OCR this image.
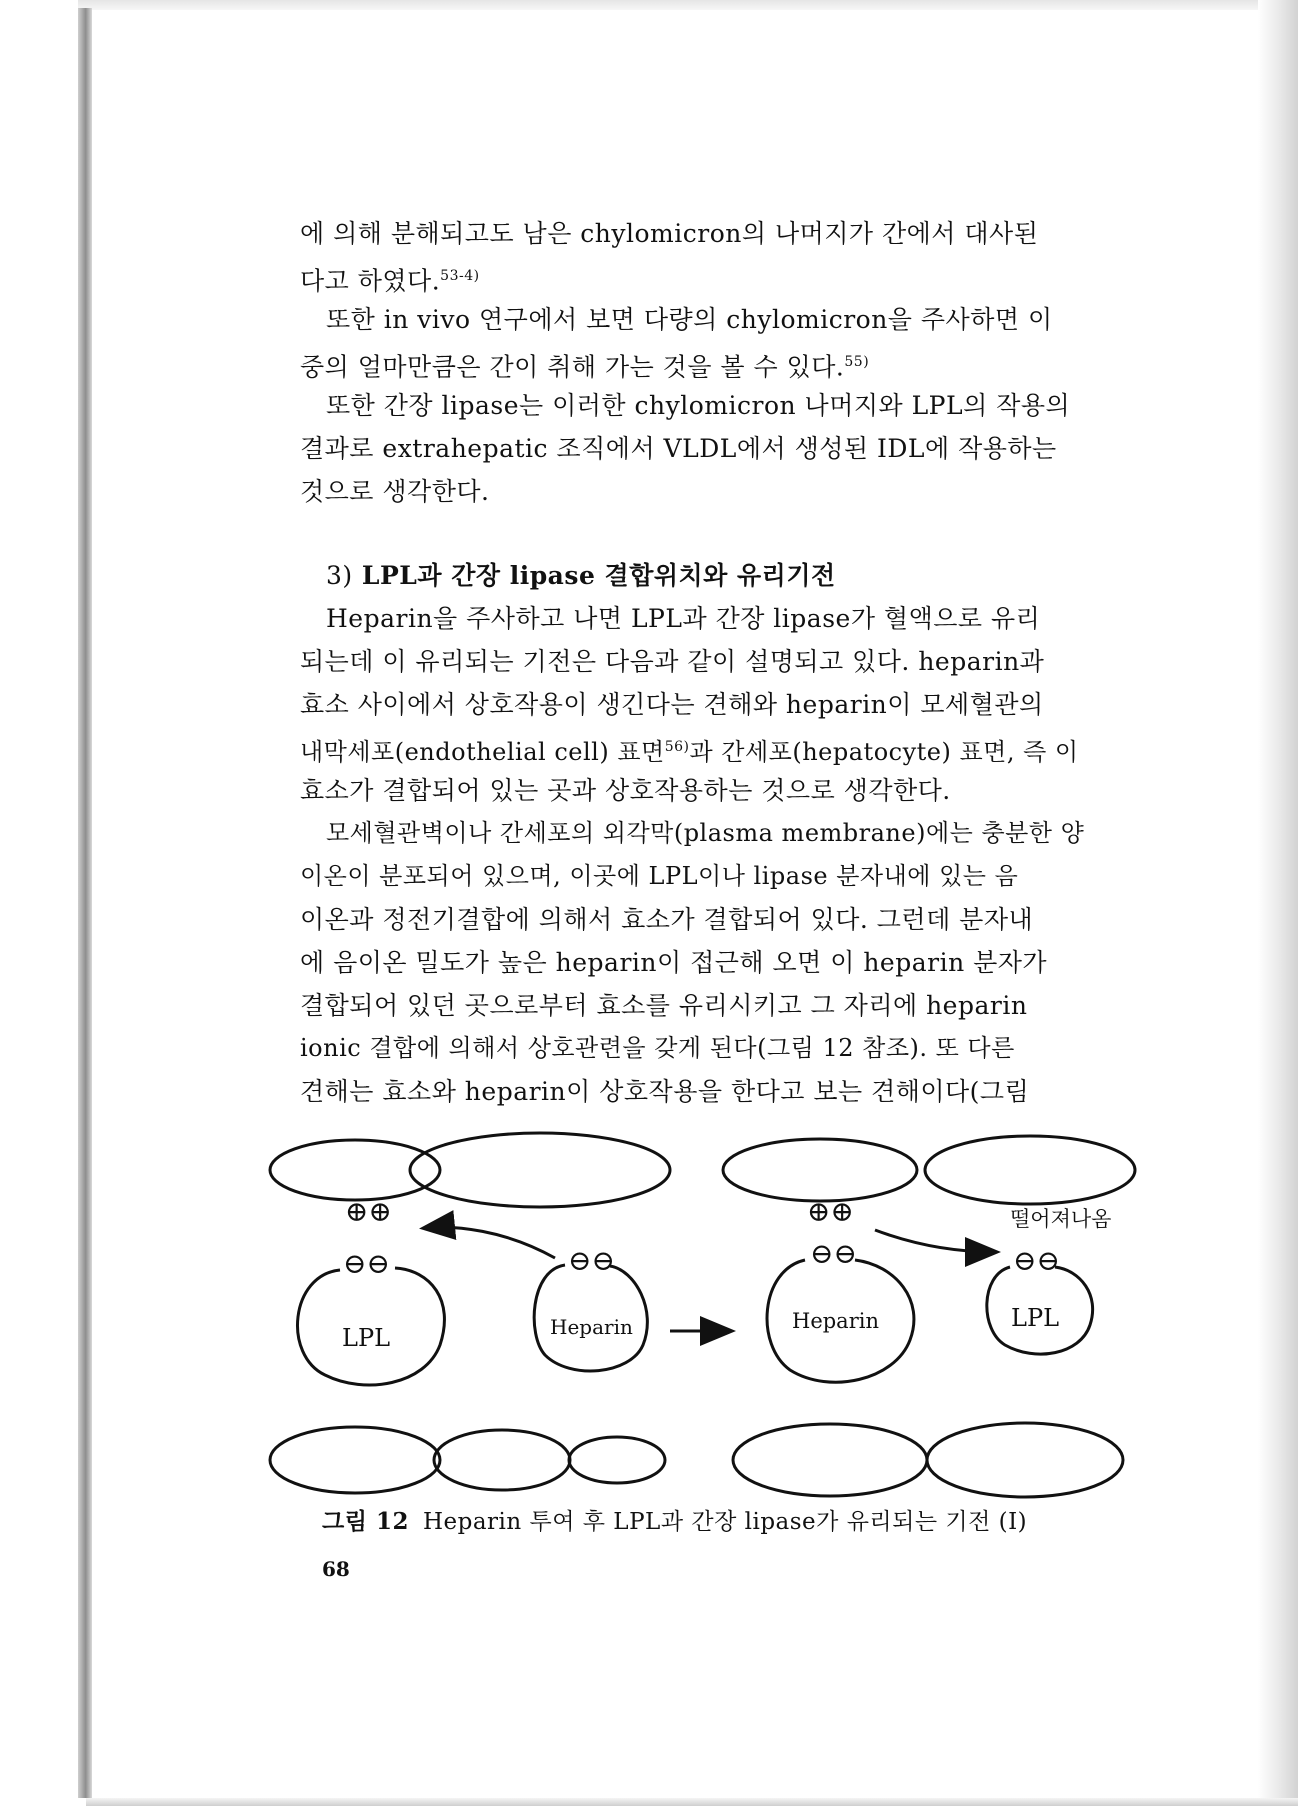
에 의해 분해되고도 남은 chylomicron의 나머지가 간에서 대사된
다고 하였다.$^{53-4)}$
또한 in vivo 연구에서 보면 다량의 chylomicron을 주사하면 이
중의 얼마만큼은 간이 취해 가는 것을 볼 수 있다.$^{55)}$
또한 간장 lipase는 이러한 chylomicron 나머지와 LPL의 작용의
결과로 extrahepatic 조직에서 VLDL에서 생성된 IDL에 작용하는
것으로 생각한다.
3) LPL과 간장 lipase 결합위치와 유리기전
Heparin을 주사하고 나면 LPL과 간장 lipase가 혈액으로 유리
되는데 이 유리되는 기전은 다음과 같이 설명되고 있다. heparin과
효소 사이에서 상호작용이 생긴다는 견해와 heparin이 모세혈관의
내막세포(endothelial cell) 표면$^{56)}$과 간세포(hepatocyte) 표면, 즉 이
효소가 결합되어 있는 곳과 상호작용하는 것으로 생각한다.
모세혈관벽이나 간세포의 외각막(plasma membrane)에는 충분한 양
이온이 분포되어 있으며, 이곳에 LPL이나 lipase 분자내에 있는 음
이온과 정전기결합에 의해서 효소가 결합되어 있다. 그런데 분자내
에 음이온 밀도가 높은 heparin이 접근해 오면 이 heparin 분자가
결합되어 있던 곳으로부터 효소를 유리시키고 그 자리에 heparin
ionic 결합에 의해서 상호관련을 갖게 된다(그림 12 참조). 또 다른
견해는 효소와 heparin이 상호작용을 한다고 보는 견해이다(그림
⊕⊕	⊕⊕	떨어져나옴
⊖⊖
LPL
⊖⊖
Heparin
⊖⊖
Heparin
⊖⊖
LPL
그림 12 Heparin 투여 후 LPL과 간장 lipase가 유리되는 기전 (Ⅰ)
68
